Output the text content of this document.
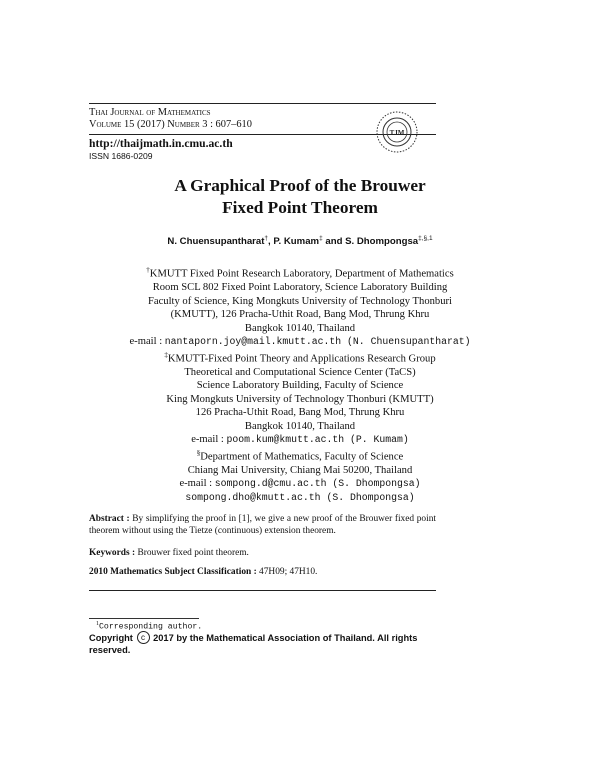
Thai Journal of Mathematics
Volume 15 (2017) Number 3 : 607–610
http://thaijmath.in.cmu.ac.th
ISSN 1686-0209
TJM
A Graphical Proof of the Brouwer
Fixed Point Theorem
N. Chuensupantharat†, P. Kumam‡ and S. Dhompongsa$^{\ddagger,\S,1}$
†KMUTT Fixed Point Research Laboratory, Department of Mathematics
Room SCL 802 Fixed Point Laboratory, Science Laboratory Building
Faculty of Science, King Mongkuts University of Technology Thonburi
(KMUTT), 126 Pracha-Uthit Road, Bang Mod, Thrung Khru
Bangkok 10140, Thailand
e-mail : nantaporn.joy@mail.kmutt.ac.th (N. Chuensupantharat)
‡KMUTT-Fixed Point Theory and Applications Research Group
Theoretical and Computational Science Center (TaCS)
Science Laboratory Building, Faculty of Science
King Mongkuts University of Technology Thonburi (KMUTT)
126 Pracha-Uthit Road, Bang Mod, Thrung Khru
Bangkok 10140, Thailand
e-mail : poom.kum@kmutt.ac.th (P. Kumam)
§Department of Mathematics, Faculty of Science
Chiang Mai University, Chiang Mai 50200, Thailand
e-mail : sompong.d@cmu.ac.th (S. Dhompongsa)
sompong.dho@kmutt.ac.th (S. Dhompongsa)
Abstract : By simplifying the proof in [1], we give a new proof of the Brouwer fixed point theorem without using the Tietze (continuous) extension theorem.
Keywords : Brouwer fixed point theorem.
2010 Mathematics Subject Classification : 47H09; 47H10.
$^1$Corresponding author.
Copyright c 2017 by the Mathematical Association of Thailand. All rights reserved.
